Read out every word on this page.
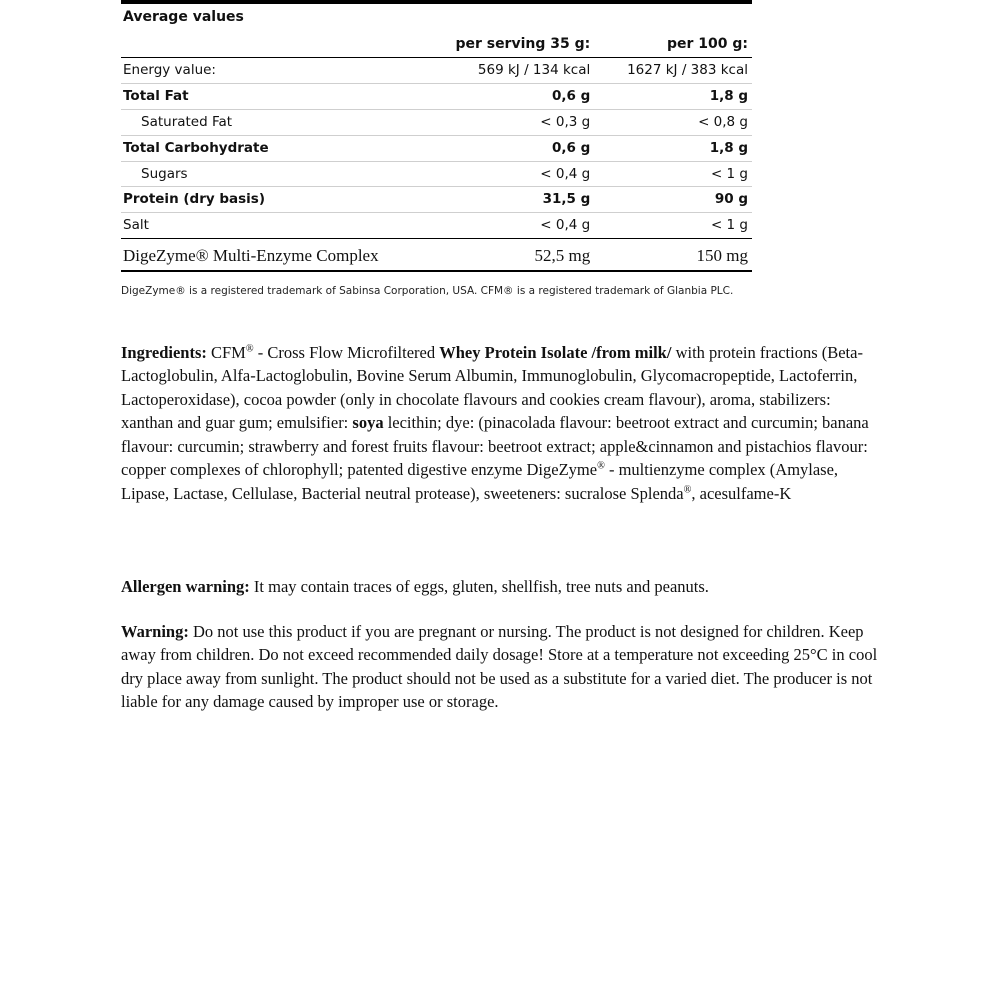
Average values		
	per serving 35 g:	per 100 g:
Energy value:	569 kJ / 134 kcal	1627 kJ / 383 kcal
Total Fat	0,6 g	1,8 g
Saturated Fat	< 0,3 g	< 0,8 g
Total Carbohydrate	0,6 g	1,8 g
Sugars	< 0,4 g	< 1 g
Protein (dry basis)	31,5 g	90 g
Salt	< 0,4 g	< 1 g
DigeZyme® Multi-Enzyme Complex	52,5 mg	150 mg
DigeZyme® is a registered trademark of Sabinsa Corporation, USA. CFM® is a registered trademark of Glanbia PLC.
Ingredients: CFM® - Cross Flow Microfiltered Whey Protein Isolate /from milk/ with protein fractions (Beta-Lactoglobulin, Alfa-Lactoglobulin, Bovine Serum Albumin, Immunoglobulin, Glycomacropeptide, Lactoferrin, Lactoperoxidase), cocoa powder (only in chocolate flavours and cookies cream flavour), aroma, stabilizers: xanthan and guar gum; emulsifier: soya lecithin; dye: (pinacolada flavour: beetroot extract and curcumin; banana flavour: curcumin; strawberry and forest fruits flavour: beetroot extract; apple&cinnamon and pistachios flavour: copper complexes of chlorophyll; patented digestive enzyme DigeZyme® - multienzyme complex (Amylase, Lipase, Lactase, Cellulase, Bacterial neutral protease), sweeteners: sucralose Splenda®, acesulfame-K
Allergen warning: It may contain traces of eggs, gluten, shellfish, tree nuts and peanuts.
Warning: Do not use this product if you are pregnant or nursing. The product is not designed for children. Keep away from children. Do not exceed recommended daily dosage! Store at a temperature not exceeding 25°C in cool dry place away from sunlight. The product should not be used as a substitute for a varied diet. The producer is not liable for any damage caused by improper use or storage.
